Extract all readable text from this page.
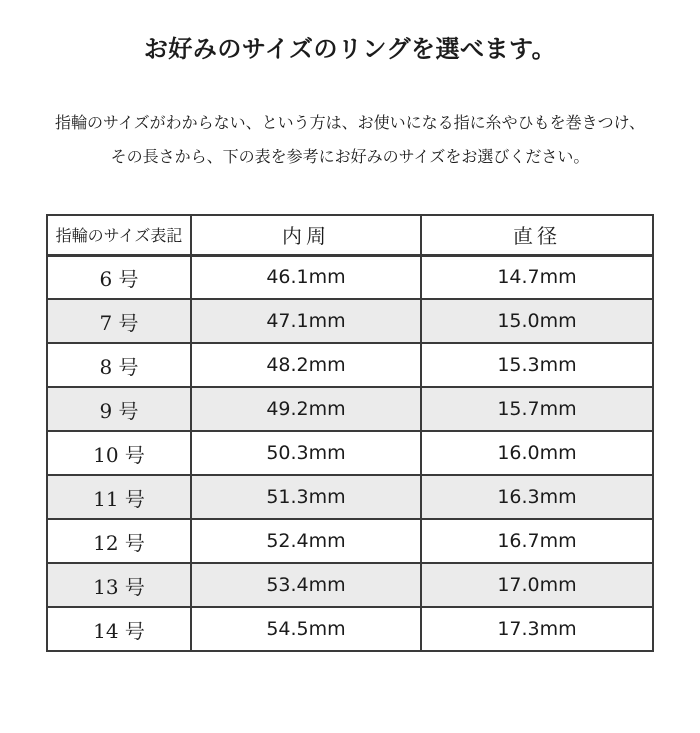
お好みのサイズのリングを選べます。
指輪のサイズがわからない、という方は、お使いになる指に糸やひもを巻きつけ、
その長さから、下の表を参考にお好みのサイズをお選びください。
指輪のサイズ表記	内周	直径
6 号	46.1mm	14.7mm
7 号	47.1mm	15.0mm
8 号	48.2mm	15.3mm
9 号	49.2mm	15.7mm
10 号	50.3mm	16.0mm
11 号	51.3mm	16.3mm
12 号	52.4mm	16.7mm
13 号	53.4mm	17.0mm
14 号	54.5mm	17.3mm
